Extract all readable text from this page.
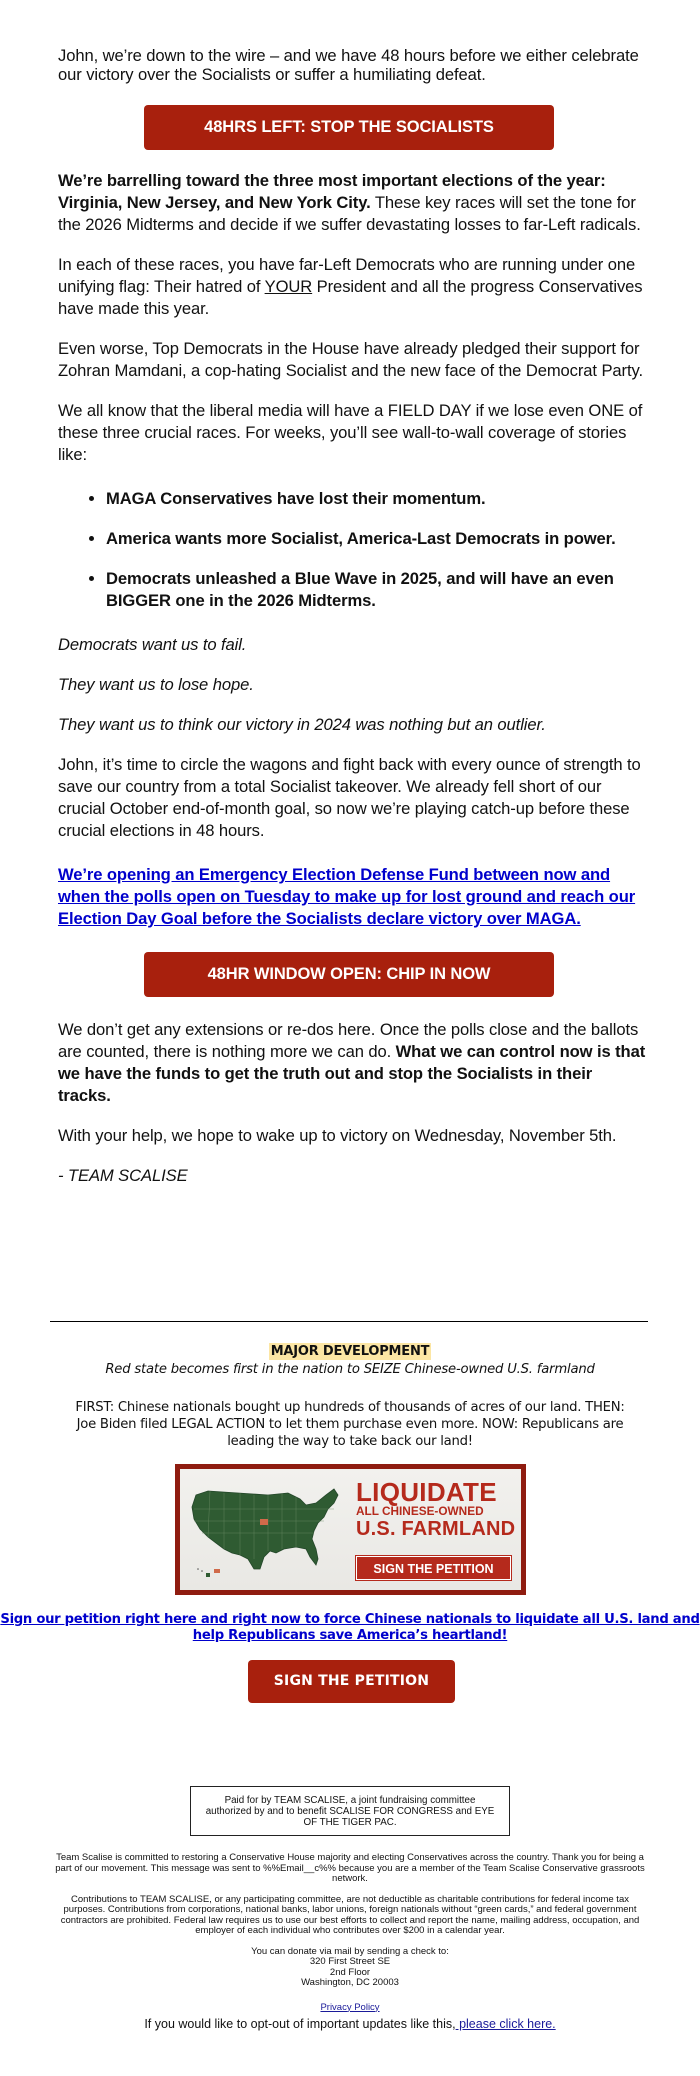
John, we’re down to the wire – and we have 48 hours before we either celebrate our victory over the Socialists or suffer a humiliating defeat.

48HRS LEFT: STOP THE SOCIALISTS

We’re barrelling toward the three most important elections of the year: Virginia, New Jersey, and New York City. These key races will set the tone for the 2026 Midterms and decide if we suffer devastating losses to far-Left radicals.

In each of these races, you have far-Left Democrats who are running under one unifying flag: Their hatred of YOUR President and all the progress Conservatives have made this year.

Even worse, Top Democrats in the House have already pledged their support for Zohran Mamdani, a cop-hating Socialist and the new face of the Democrat Party.

We all know that the liberal media will have a FIELD DAY if we lose even ONE of these three crucial races. For weeks, you’ll see wall-to-wall coverage of stories like:

• MAGA Conservatives have lost their momentum.
• America wants more Socialist, America-Last Democrats in power.
• Democrats unleashed a Blue Wave in 2025, and will have an even BIGGER one in the 2026 Midterms.

Democrats want us to fail.

They want us to lose hope.

They want us to think our victory in 2024 was nothing but an outlier.

John, it’s time to circle the wagons and fight back with every ounce of strength to save our country from a total Socialist takeover. We already fell short of our crucial October end-of-month goal, so now we’re playing catch-up before these crucial elections in 48 hours.

We’re opening an Emergency Election Defense Fund between now and when the polls open on Tuesday to make up for lost ground and reach our Election Day Goal before the Socialists declare victory over MAGA.

48HR WINDOW OPEN: CHIP IN NOW

We don’t get any extensions or re-dos here. Once the polls close and the ballots are counted, there is nothing more we can do. What we can control now is that we have the funds to get the truth out and stop the Socialists in their tracks.

With your help, we hope to wake up to victory on Wednesday, November 5th.

- TEAM SCALISE

MAJOR DEVELOPMENT
Red state becomes first in the nation to SEIZE Chinese-owned U.S. farmland
FIRST: Chinese nationals bought up hundreds of thousands of acres of our land. THEN: Joe Biden filed LEGAL ACTION to let them purchase even more. NOW: Republicans are leading the way to take back our land!
LIQUIDATE
ALL CHINESE-OWNED
U.S. FARMLAND
SIGN THE PETITION
Sign our petition right here and right now to force Chinese nationals to liquidate all U.S. land and help Republicans save America’s heartland!
SIGN THE PETITION
Paid for by TEAM SCALISE, a joint fundraising committee authorized by and to benefit SCALISE FOR CONGRESS and EYE OF THE TIGER PAC.

Team Scalise is committed to restoring a Conservative House majority and electing Conservatives across the country. Thank you for being a part of our movement. This message was sent to %%Email__c%% because you are a member of the Team Scalise Conservative grassroots network.

Contributions to TEAM SCALISE, or any participating committee, are not deductible as charitable contributions for federal income tax purposes. Contributions from corporations, national banks, labor unions, foreign nationals without “green cards,” and federal government contractors are prohibited. Federal law requires us to use our best efforts to collect and report the name, mailing address, occupation, and employer of each individual who contributes over $200 in a calendar year.

You can donate via mail by sending a check to:
320 First Street SE
2nd Floor
Washington, DC 20003
Privacy Policy
If you would like to opt-out of important updates like this, please click here.
